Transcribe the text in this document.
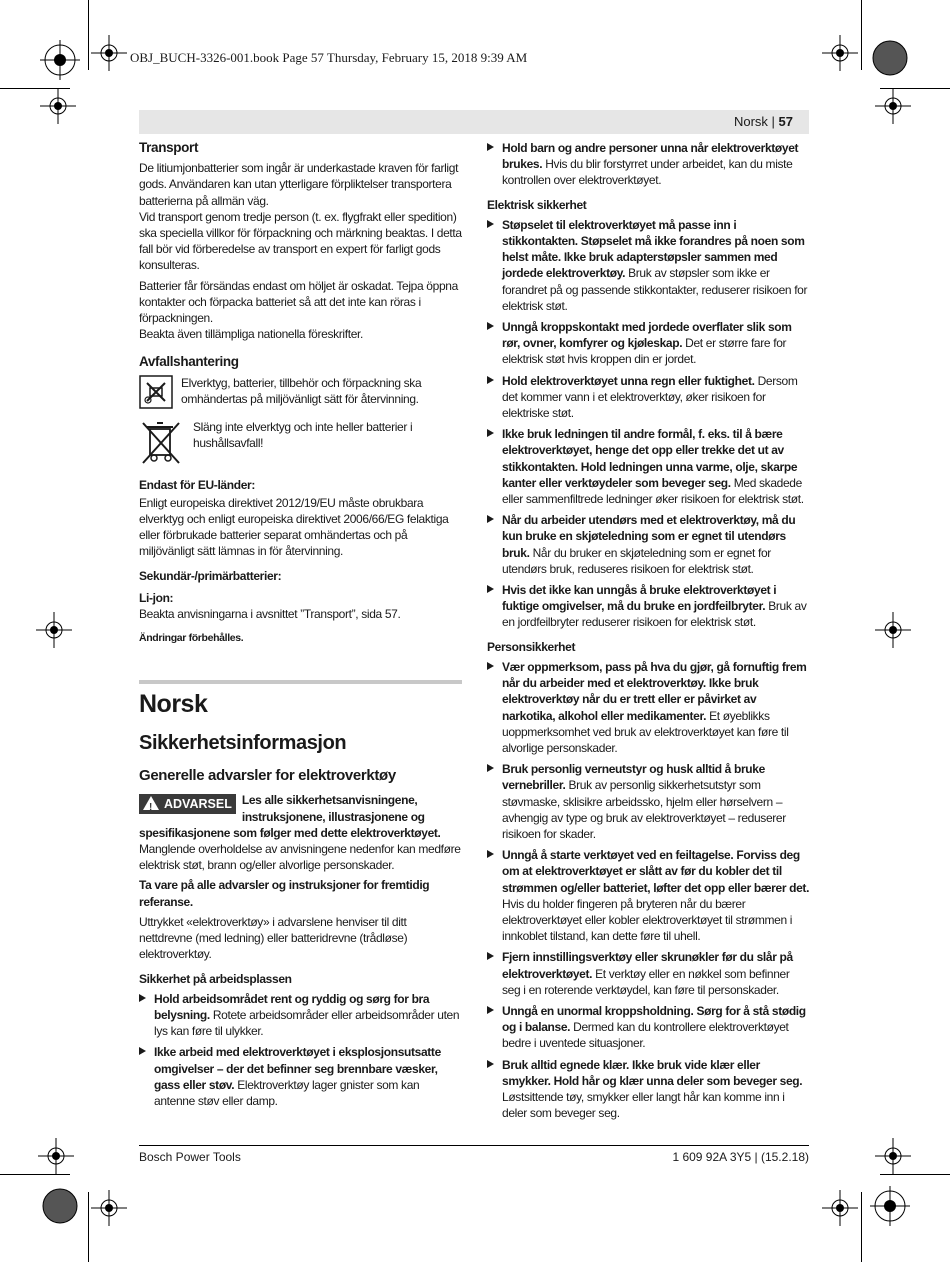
OBJ_BUCH-3326-001.book Page 57 Thursday, February 15, 2018 9:39 AM
Norsk | 57
Transport

De litiumjonbatterier som ingår är underkastade kraven för farligt gods. Användaren kan utan ytterligare förpliktelser transportera batterierna på allmän väg.

Vid transport genom tredje person (t. ex. flygfrakt eller spedition) ska speciella villkor för förpackning och märkning beaktas. I detta fall bör vid förberedelse av transport en expert för farligt gods konsulteras.

Batterier får försändas endast om höljet är oskadat. Tejpa öppna kontakter och förpacka batteriet så att det inte kan röras i förpackningen.

Beakta även tillämpliga nationella föreskrifter.

Avfallshantering
Elverktyg, batterier, tillbehör och förpackning ska omhändertas på miljövänligt sätt för återvinning.
Släng inte elverktyg och inte heller batterier i hushållsavfall!
Endast för EU-länder:

Enligt europeiska direktivet 2012/19/EU måste obrukbara elverktyg och enligt europeiska direktivet 2006/66/EG felaktiga eller förbrukade batterier separat omhändertas och på miljövänligt sätt lämnas in för återvinning.

Sekundär-/primärbatterier:
Li-jon:

Beakta anvisningarna i avsnittet ”Transport”, sida 57.

Ändringar förbehålles.

Norsk
Sikkerhetsinformasjon
Generelle advarsler for elektroverktøy

!ADVARSEL Les alle sikkerhetsanvisningene, instruksjonene, illustrasjonene og spesifikasjonene som følger med dette elektroverktøyet. Manglende overholdelse av anvisningene nedenfor kan medføre elektrisk støt, brann og/eller alvorlige personskader.

Ta vare på alle advarsler og instruksjoner for fremtidig referanse.

Uttrykket «elektroverktøy» i advarslene henviser til ditt nettdrevne (med ledning) eller batteridrevne (trådløse) elektroverktøy.

Sikkerhet på arbeidsplassen
Hold arbeidsområdet rent og ryddig og sørg for bra belysning. Rotete arbeidsområder eller arbeidsområder uten lys kan føre til ulykker.
Ikke arbeid med elektroverktøyet i eksplosjonsutsatte omgivelser – der det befinner seg brennbare væsker, gass eller støv. Elektroverktøy lager gnister som kan antenne støv eller damp.
Hold barn og andre personer unna når elektroverktøyet brukes. Hvis du blir forstyrret under arbeidet, kan du miste kontrollen over elektroverktøyet.
Elektrisk sikkerhet
Støpselet til elektroverktøyet må passe inn i stikkontakten. Støpselet må ikke forandres på noen som helst måte. Ikke bruk adapterstøpsler sammen med jordede elektroverktøy. Bruk av støpsler som ikke er forandret på og passende stikkontakter, reduserer risikoen for elektrisk støt.
Unngå kroppskontakt med jordede overflater slik som rør, ovner, komfyrer og kjøleskap. Det er større fare for elektrisk støt hvis kroppen din er jordet.
Hold elektroverktøyet unna regn eller fuktighet. Dersom det kommer vann i et elektroverktøy, øker risikoen for elektriske støt.
Ikke bruk ledningen til andre formål, f. eks. til å bære elektroverktøyet, henge det opp eller trekke det ut av stikkontakten. Hold ledningen unna varme, olje, skarpe kanter eller verktøydeler som beveger seg. Med skadede eller sammenfiltrede ledninger øker risikoen for elektrisk støt.
Når du arbeider utendørs med et elektroverktøy, må du kun bruke en skjøteledning som er egnet til utendørs bruk. Når du bruker en skjøteledning som er egnet for utendørs bruk, reduseres risikoen for elektrisk støt.
Hvis det ikke kan unngås å bruke elektroverktøyet i fuktige omgivelser, må du bruke en jordfeilbryter. Bruk av en jordfeilbryter reduserer risikoen for elektrisk støt.
Personsikkerhet
Vær oppmerksom, pass på hva du gjør, gå fornuftig frem når du arbeider med et elektroverktøy. Ikke bruk elektroverktøy når du er trett eller er påvirket av narkotika, alkohol eller medikamenter. Et øyeblikks uoppmerksomhet ved bruk av elektroverktøyet kan føre til alvorlige personskader.
Bruk personlig verneutstyr og husk alltid å bruke vernebriller. Bruk av personlig sikkerhetsutstyr som støvmaske, sklisikre arbeidssko, hjelm eller hørselvern – avhengig av type og bruk av elektroverktøyet – reduserer risikoen for skader.
Unngå å starte verktøyet ved en feiltagelse. Forviss deg om at elektroverktøyet er slått av før du kobler det til strømmen og/eller batteriet, løfter det opp eller bærer det. Hvis du holder fingeren på bryteren når du bærer elektroverktøyet eller kobler elektroverktøyet til strømmen i innkoblet tilstand, kan dette føre til uhell.
Fjern innstillingsverktøy eller skrunøkler før du slår på elektroverktøyet. Et verktøy eller en nøkkel som befinner seg i en roterende verktøydel, kan føre til personskader.
Unngå en unormal kroppsholdning. Sørg for å stå stødig og i balanse. Dermed kan du kontrollere elektroverktøyet bedre i uventede situasjoner.
Bruk alltid egnede klær. Ikke bruk vide klær eller smykker. Hold hår og klær unna deler som beveger seg. Løstsittende tøy, smykker eller langt hår kan komme inn i deler som beveger seg.
Bosch Power Tools	1 609 92A 3Y5 | (15.2.18)
